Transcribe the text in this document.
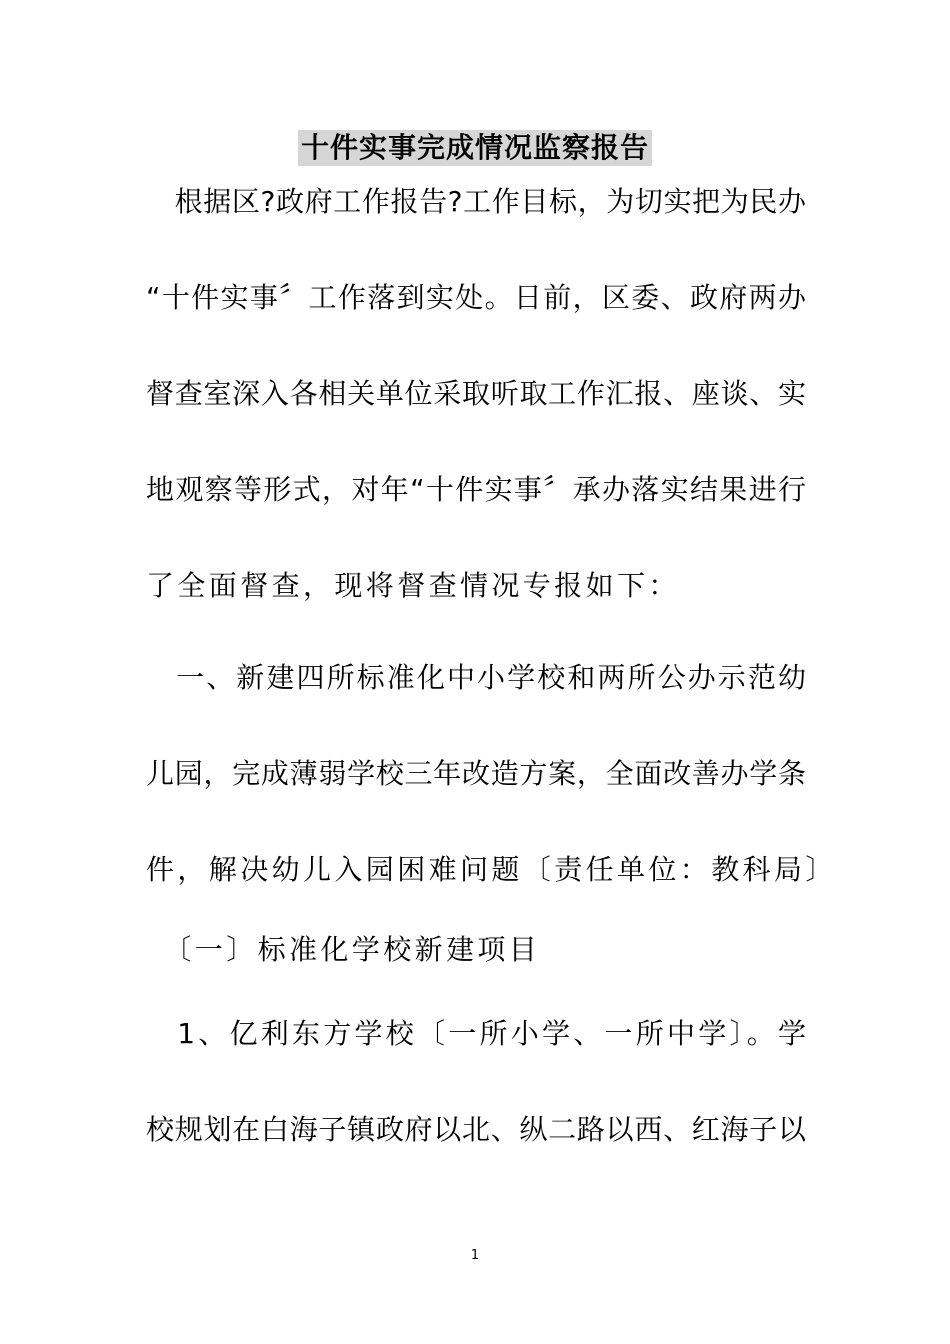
十件实事完成情况监察报告
　根据区?政府工作报告?工作目标，为切实把为民办
“十件实事〞工作落到实处。日前，区委、政府两办
督查室深入各相关单位采取听取工作汇报、座谈、实
地观察等形式，对年“十件实事〞承办落实结果进行
了全面督查，现将督查情况专报如下：
　一、新建四所标准化中小学校和两所公办示范幼
儿园，完成薄弱学校三年改造方案，全面改善办学条
件，解决幼儿入园困难问题〔责任单位：教科局〕
　〔一〕标准化学校新建项目
　1、亿利东方学校〔一所小学、一所中学〕。学
校规划在白海子镇政府以北、纵二路以西、红海子以
1
